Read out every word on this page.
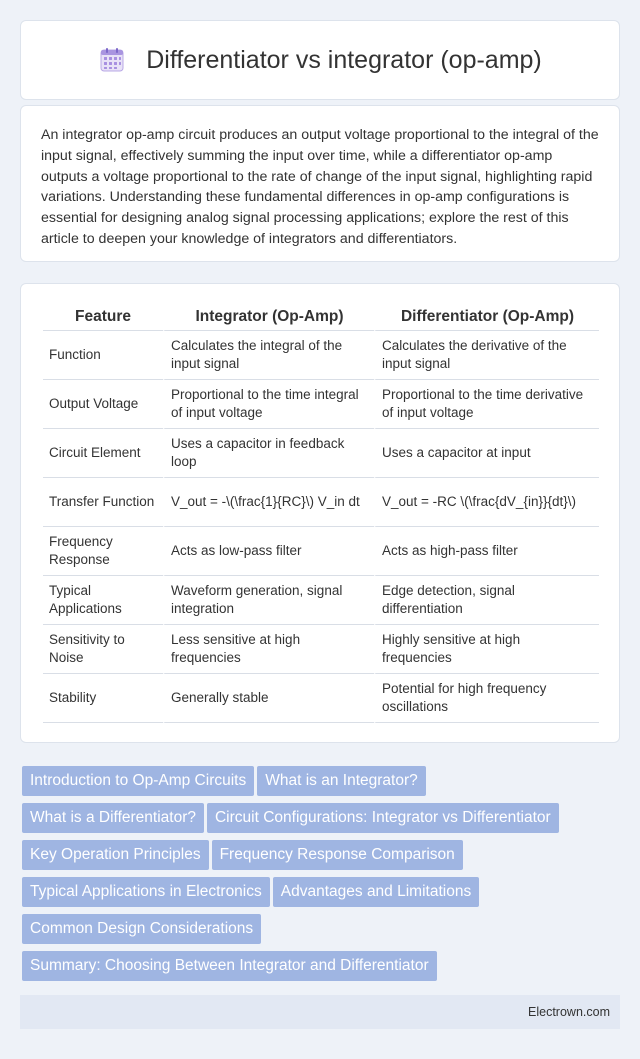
Differentiator vs integrator (op-amp)

An integrator op-amp circuit produces an output voltage proportional to the integral of the input signal, effectively summing the input over time, while a differentiator op-amp outputs a voltage proportional to the rate of change of the input signal, highlighting rapid variations. Understanding these fundamental differences in op-amp configurations is essential for designing analog signal processing applications; explore the rest of this article to deepen your knowledge of integrators and differentiators.

Feature	Integrator (Op-Amp)	Differentiator (Op-Amp)
Function	Calculates the integral of the input signal	Calculates the derivative of the input signal
Output Voltage	Proportional to the time integral of input voltage	Proportional to the time derivative of input voltage
Circuit Element	Uses a capacitor in feedback loop	Uses a capacitor at input
Transfer Function	V_out = -\(\frac{1}{RC}\) V_in dt	V_out = -RC \(\frac{dV_{in}}{dt}\)
Frequency Response	Acts as low-pass filter	Acts as high-pass filter
Typical Applications	Waveform generation, signal integration	Edge detection, signal differentiation
Sensitivity to Noise	Less sensitive at high frequencies	Highly sensitive at high frequencies
Stability	Generally stable	Potential for high frequency oscillations
Introduction to Op-Amp Circuits What is an Integrator?
What is a Differentiator? Circuit Configurations: Integrator vs Differentiator
Key Operation Principles Frequency Response Comparison
Typical Applications in Electronics Advantages and Limitations
Common Design Considerations
Summary: Choosing Between Integrator and Differentiator
Electrown.com
